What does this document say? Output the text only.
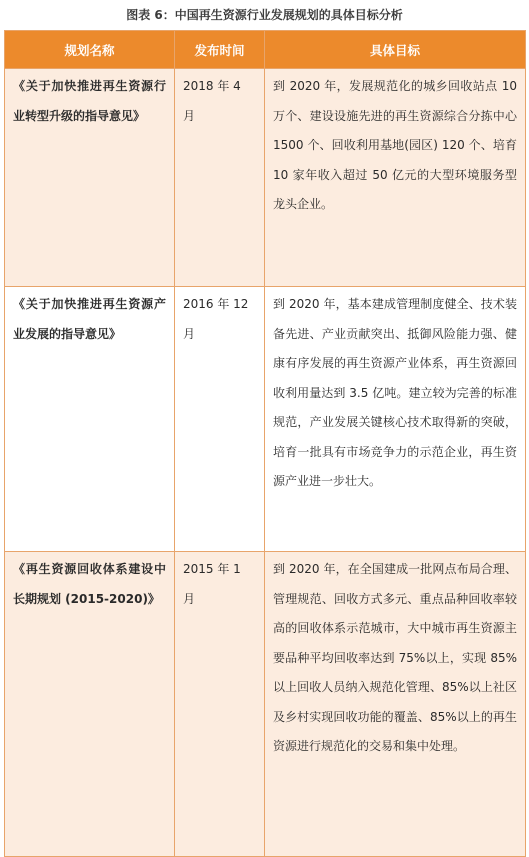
图表 6：中国再生资源行业发展规划的具体目标分析
规划名称	发布时间	具体目标
《关于加快推进再生资源行业转型升级的指导意见》	2018 年 4 月	到 2020 年，发展规范化的城乡回收站点 10 万个、建设设施先进的再生资源综合分拣中心 1500 个、回收利用基地(园区) 120 个、培育 10 家年收入超过 50 亿元的大型环境服务型龙头企业。
《关于加快推进再生资源产业发展的指导意见》	2016 年 12 月	到 2020 年，基本建成管理制度健全、技术装备先进、产业贡献突出、抵御风险能力强、健康有序发展的再生资源产业体系，再生资源回收利用量达到 3.5 亿吨。建立较为完善的标准规范，产业发展关键核心技术取得新的突破，培育一批具有市场竞争力的示范企业，再生资源产业进一步壮大。
《再生资源回收体系建设中长期规划 (2015-2020)》	2015 年 1 月	到 2020 年，在全国建成一批网点布局合理、管理规范、回收方式多元、重点品种回收率较高的回收体系示范城市，大中城市再生资源主要品种平均回收率达到 75%以上，实现 85%以上回收人员纳入规范化管理、85%以上社区及乡村实现回收功能的覆盖、85%以上的再生资源进行规范化的交易和集中处理。
